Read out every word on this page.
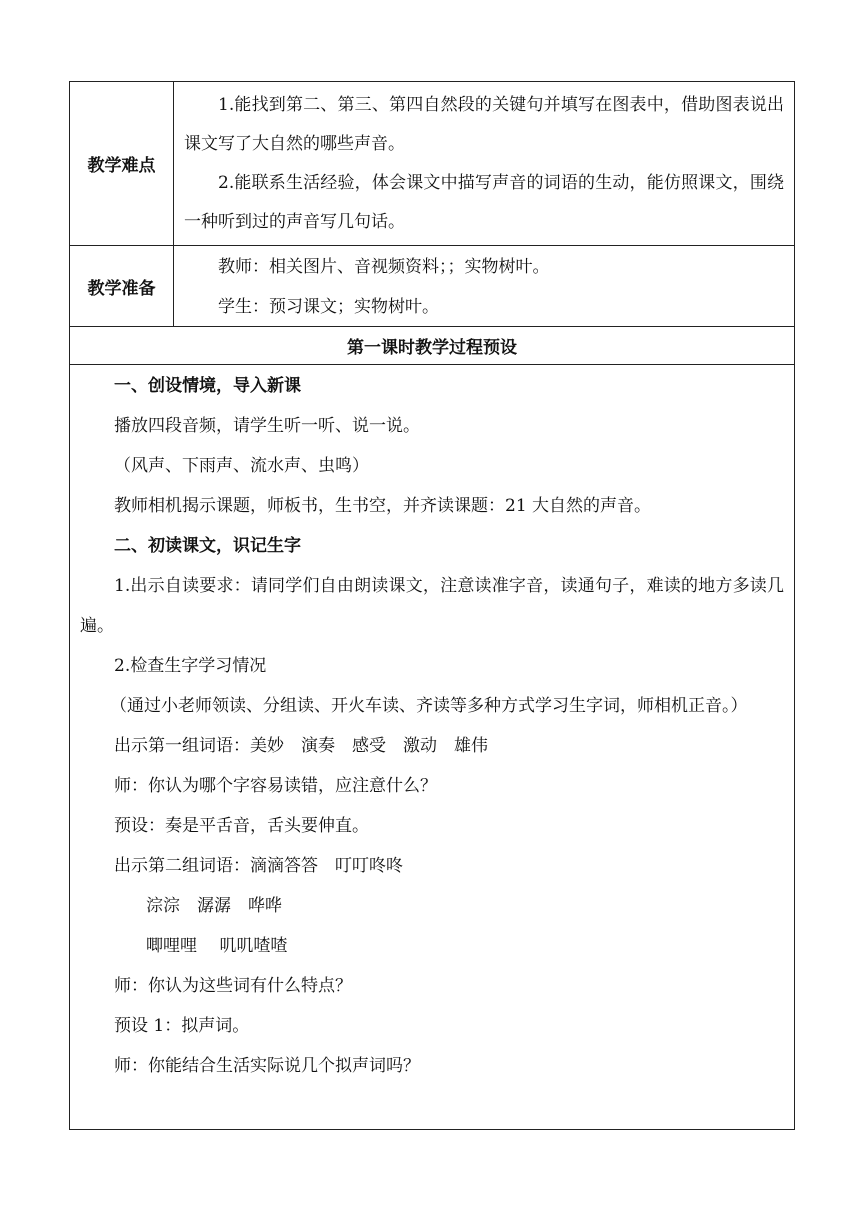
教学难点

1.能找到第二、第三、第四自然段的关键句并填写在图表中，借助图表说出课文写了大自然的哪些声音。

2.能联系生活经验，体会课文中描写声音的词语的生动，能仿照课文，围绕一种听到过的声音写几句话。

教学准备

教师：相关图片、音视频资料；；实物树叶。

学生：预习课文；实物树叶。

第一课时教学过程预设

一、创设情境，导入新课

播放四段音频，请学生听一听、说一说。

（风声、下雨声、流水声、虫鸣）

教师相机揭示课题，师板书，生书空，并齐读课题：21 大自然的声音。

二、初读课文，识记生字

1.出示自读要求：请同学们自由朗读课文，注意读准字音，读通句子，难读的地方多读几遍。

2.检查生字学习情况

（通过小老师领读、分组读、开火车读、齐读等多种方式学习生字词，师相机正音。）

出示第一组词语：美妙　演奏　感受　激动　雄伟

师：你认为哪个字容易读错，应注意什么？

预设：奏是平舌音，舌头要伸直。

出示第二组词语：滴滴答答　叮叮咚咚

淙淙　潺潺　哗哗

唧哩哩　 叽叽喳喳

师：你认为这些词有什么特点？

预设 1：拟声词。

师：你能结合生活实际说几个拟声词吗？
